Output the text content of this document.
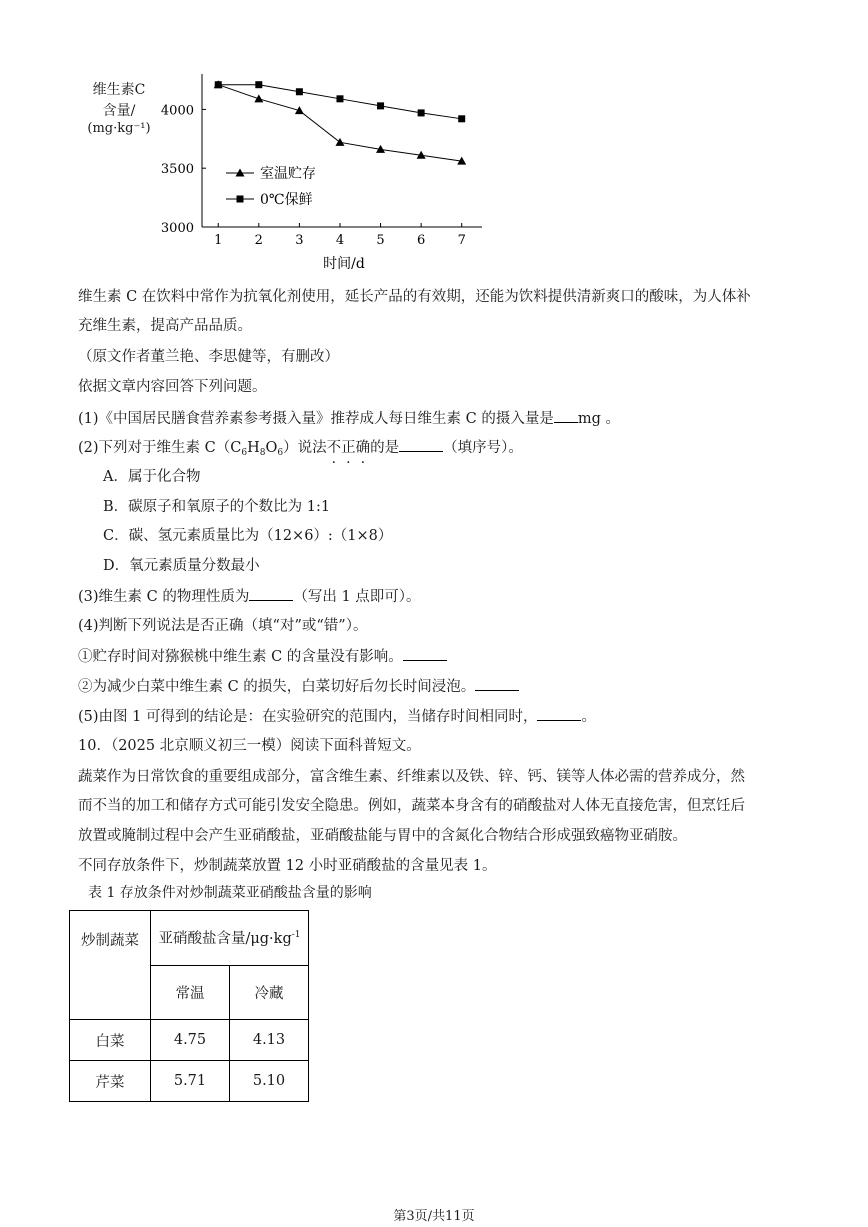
维生素C
含量/
(mg·kg⁻¹)
3000
3500
4000
1 2 3 4 5 6 7
室温贮存
0℃保鲜
时间/d
维生素 C 在饮料中常作为抗氧化剂使用，延长产品的有效期，还能为饮料提供清新爽口的酸味，为人体补
充维生素，提高产品品质。
（原文作者董兰艳、李思健等，有删改）
依据文章内容回答下列问题。
(1)《中国居民膳食营养素参考摄入量》推荐成人每日维生素 C 的摄入量是 mg 。
(2)下列对于维生素 $C(C_6H_8O_6)$说法不正确的是	（填序号）。
A．属于化合物
B．碳原子和氧原子的个数比为 1:1
C．碳、氢元素质量比为（12×6）:（1×8）
D．氧元素质量分数最小
(3)维生素 C 的物理性质为	（写出 1 点即可）。
(4)判断下列说法是否正确（填“对”或“错”）。
①贮存时间对猕猴桃中维生素 C 的含量没有影响。
②为减少白菜中维生素 C 的损失，白菜切好后勿长时间浸泡。
(5)由图 1 可得到的结论是：在实验研究的范围内，当储存时间相同时，	。
10．（2025 北京顺义初三一模）阅读下面科普短文。
蔬菜作为日常饮食的重要组成部分，富含维生素、纤维素以及铁、锌、钙、镁等人体必需的营养成分，然
而不当的加工和储存方式可能引发安全隐患。例如，蔬菜本身含有的硝酸盐对人体无直接危害，但烹饪后
放置或腌制过程中会产生亚硝酸盐，亚硝酸盐能与胃中的含氮化合物结合形成强致癌物亚硝胺。
不同存放条件下，炒制蔬菜放置 12 小时亚硝酸盐的含量见表 1。
表 1 存放条件对炒制蔬菜亚硝酸盐含量的影响
炒制蔬菜	亚硝酸盐含量$/\mu g\cdot kg^{-1}$
	常温	冷藏
白菜	4.75	4.13
芹菜	5.71	5.10
第3页/共11页
